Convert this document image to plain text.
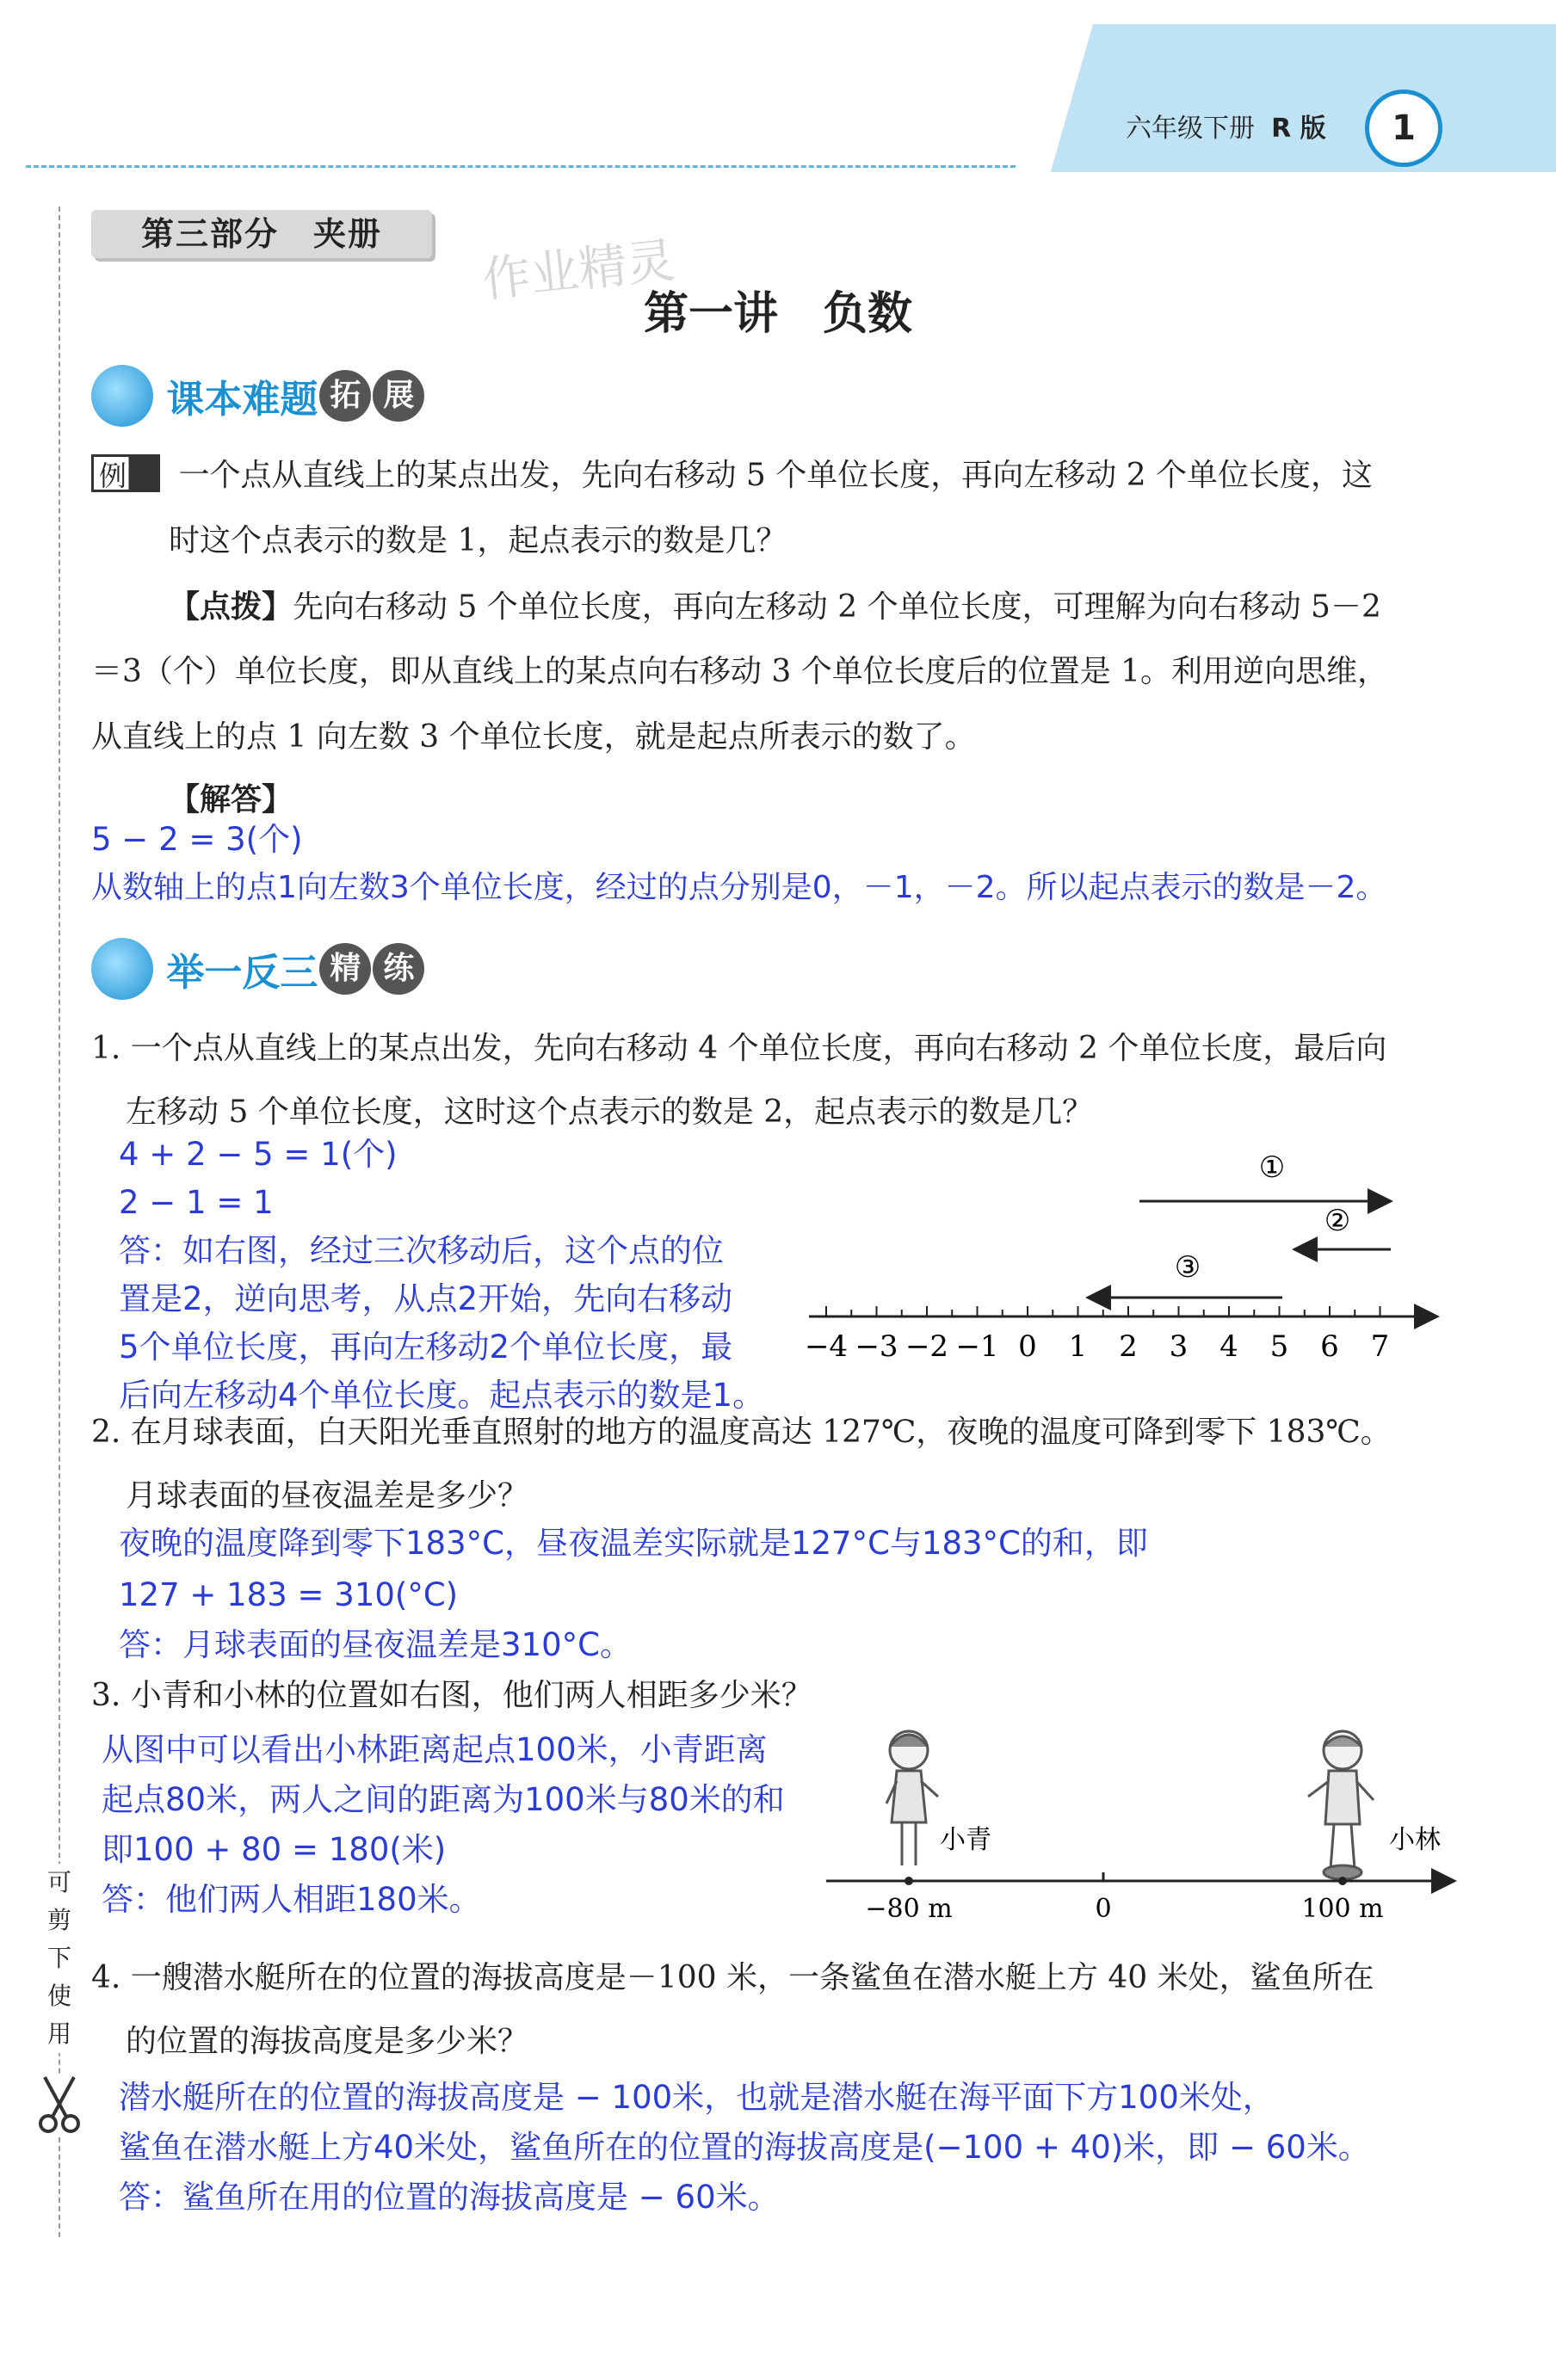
六年级下册 R 版	1
可
剪
下
使
用
第三部分　夹册	作业精灵
第一讲　负数
课本难题 拓 展
例 一个点从直线上的某点出发，先向右移动 5 个单位长度，再向左移动 2 个单位长度，这
时这个点表示的数是 1，起点表示的数是几？
【点拨】先向右移动 5 个单位长度，再向左移动 2 个单位长度，可理解为向右移动 5－2
＝3（个）单位长度，即从直线上的某点向右移动 3 个单位长度后的位置是 1。利用逆向思维，
从直线上的点 1 向左数 3 个单位长度，就是起点所表示的数了。
【解答】
5 − 2 = 3(个)
从数轴上的点1向左数3个单位长度，经过的点分别是0，－1，－2。所以起点表示的数是－2。
举一反三 精 练
1. 一个点从直线上的某点出发，先向右移动 4 个单位长度，再向右移动 2 个单位长度，最后向
左移动 5 个单位长度，这时这个点表示的数是 2，起点表示的数是几？
4 + 2 − 5 = 1(个)
2 − 1 = 1
答：如右图，经过三次移动后，这个点的位
置是2，逆向思考，从点2开始，先向右移动
5个单位长度，再向左移动2个单位长度，最
后向左移动4个单位长度。起点表示的数是1。
①
②
③
−4 −3 −2 −1 0 1 2 3 4 5 6 7
2. 在月球表面，白天阳光垂直照射的地方的温度高达 127℃，夜晚的温度可降到零下 183℃。
月球表面的昼夜温差是多少？
夜晚的温度降到零下183°C，昼夜温差实际就是127°C与183°C的和，即
127 + 183 = 310(°C)
答：月球表面的昼夜温差是310°C。
3. 小青和小林的位置如右图，他们两人相距多少米？
从图中可以看出小林距离起点100米，小青距离
起点80米，两人之间的距离为100米与80米的和
即100 + 80 = 180(米)
答：他们两人相距180米。
小青	小林
−80 m	0	100 m
4. 一艘潜水艇所在的位置的海拔高度是－100 米，一条鲨鱼在潜水艇上方 40 米处，鲨鱼所在
的位置的海拔高度是多少米？
潜水艇所在的位置的海拔高度是 − 100米，也就是潜水艇在海平面下方100米处，
鲨鱼在潜水艇上方40米处，鲨鱼所在的位置的海拔高度是(−100 + 40)米，即 − 60米。
答：鲨鱼所在用的位置的海拔高度是 − 60米。
